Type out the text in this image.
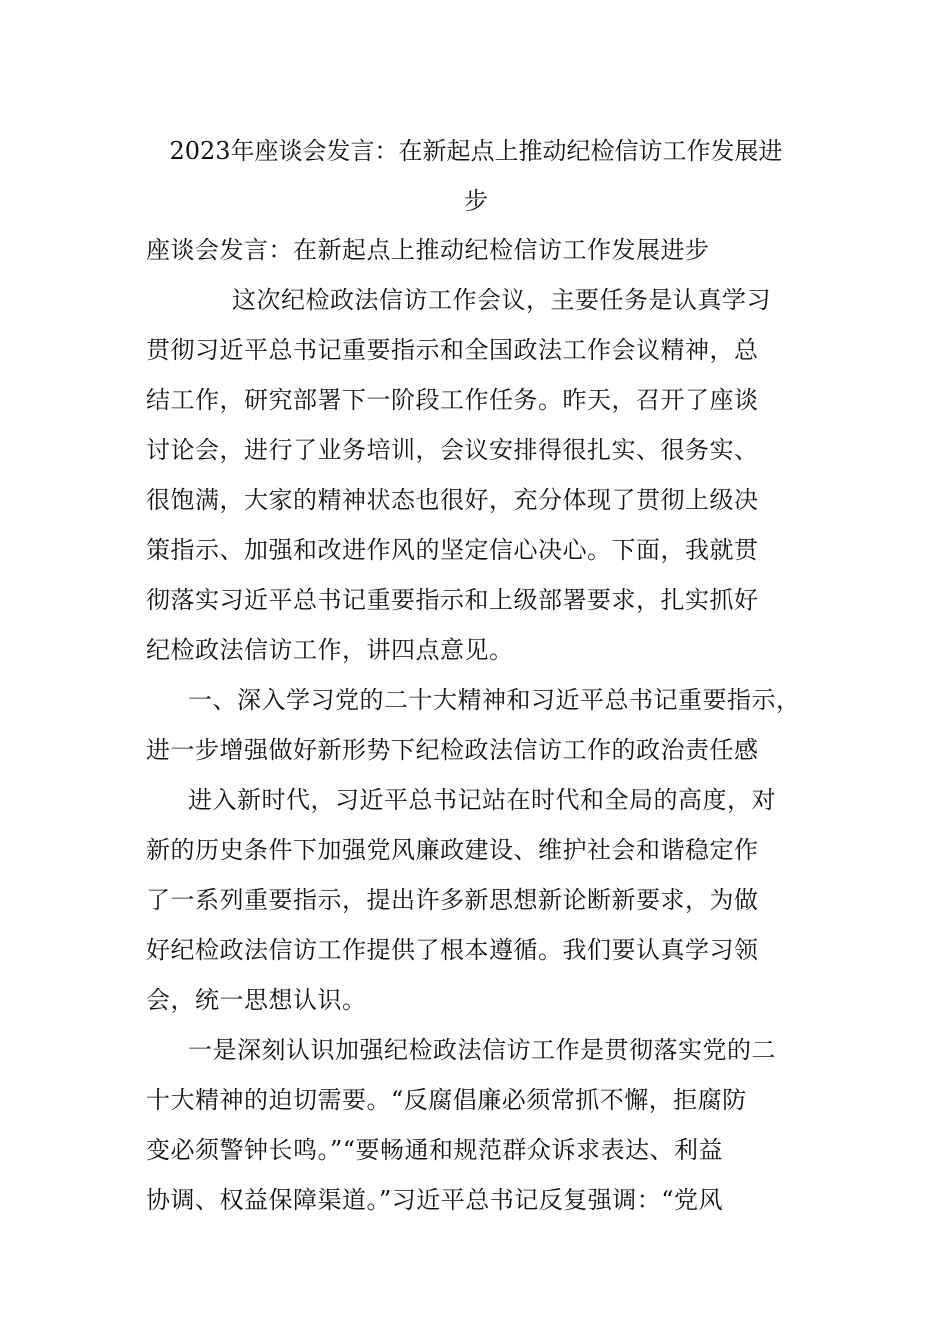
2023年座谈会发言：在新起点上推动纪检信访工作发展进
步
座谈会发言：在新起点上推动纪检信访工作发展进步
这次纪检政法信访工作会议，主要任务是认真学习
贯彻习近平总书记重要指示和全国政法工作会议精神，总
结工作，研究部署下一阶段工作任务。昨天，召开了座谈
讨论会，进行了业务培训，会议安排得很扎实、很务实、
很饱满，大家的精神状态也很好，充分体现了贯彻上级决
策指示、加强和改进作风的坚定信心决心。下面，我就贯
彻落实习近平总书记重要指示和上级部署要求，扎实抓好
纪检政法信访工作，讲四点意见。
一、深入学习党的二十大精神和习近平总书记重要指示，
进一步增强做好新形势下纪检政法信访工作的政治责任感
进入新时代，习近平总书记站在时代和全局的高度，对
新的历史条件下加强党风廉政建设、维护社会和谐稳定作
了一系列重要指示，提出许多新思想新论断新要求，为做
好纪检政法信访工作提供了根本遵循。我们要认真学习领
会，统一思想认识。
一是深刻认识加强纪检政法信访工作是贯彻落实党的二
十大精神的迫切需要。“反腐倡廉必须常抓不懈，拒腐防
变必须警钟长鸣。”“要畅通和规范群众诉求表达、利益
协调、权益保障渠道。”习近平总书记反复强调：“党风
